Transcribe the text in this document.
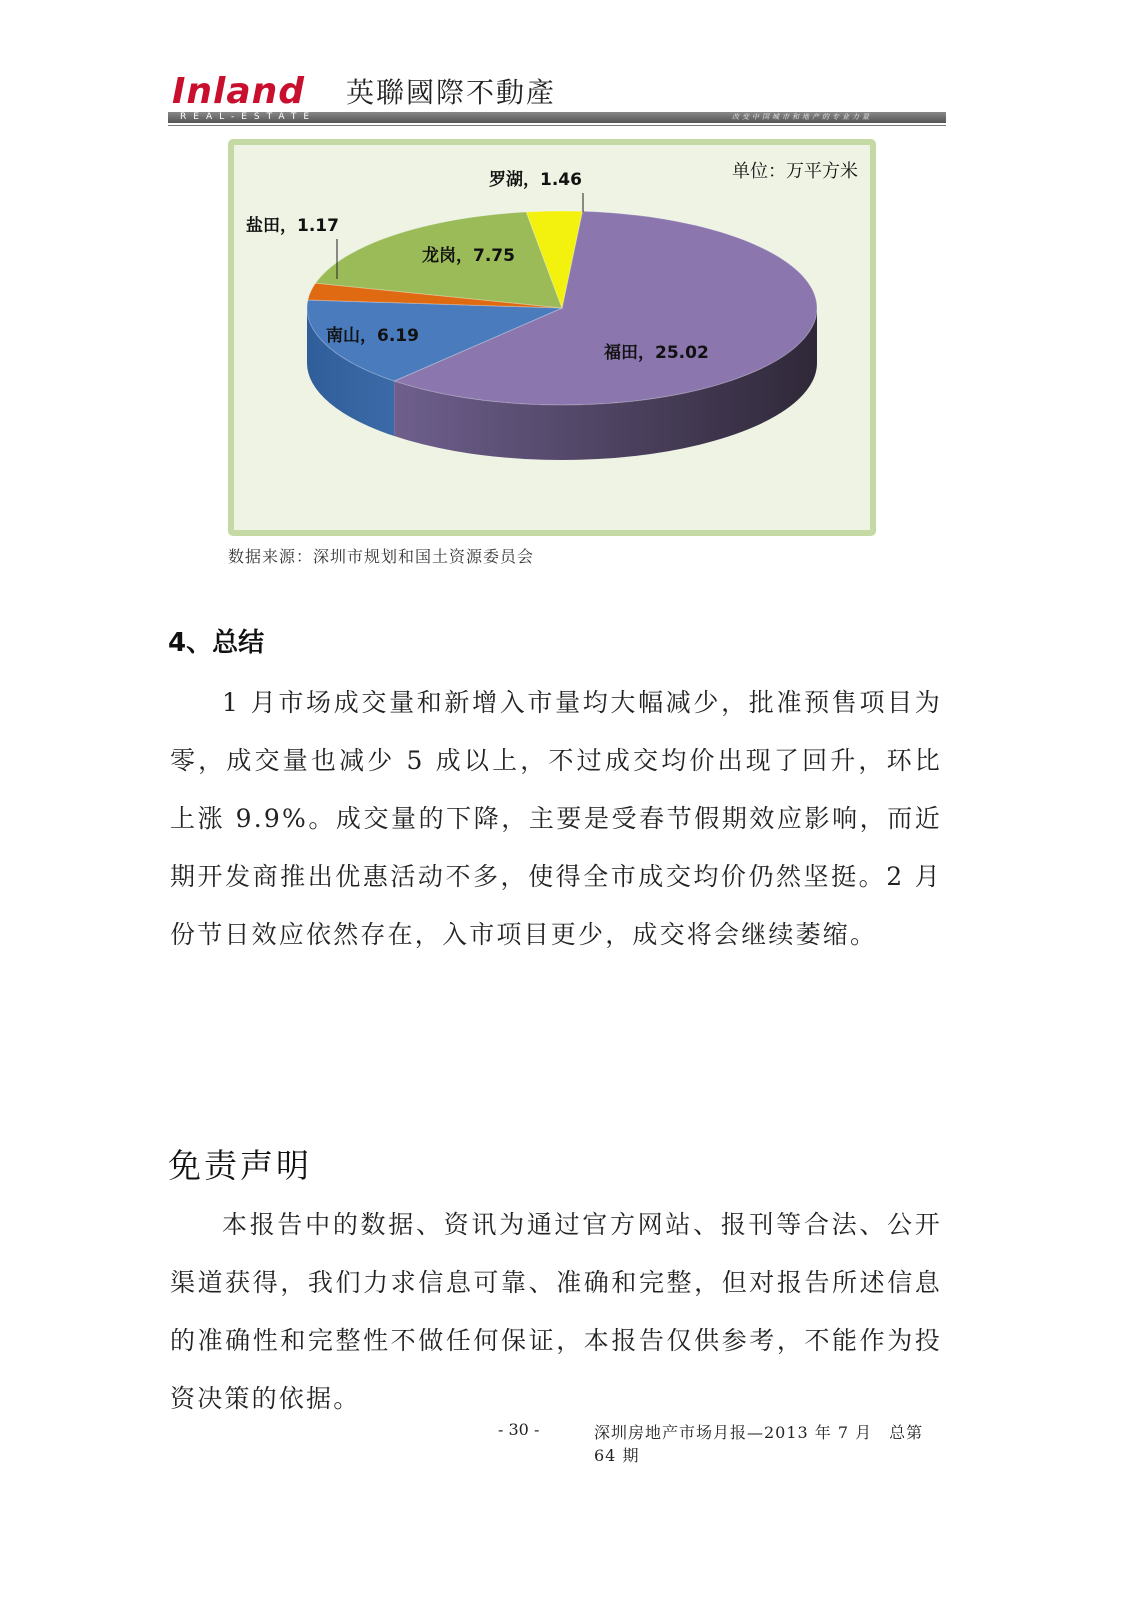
Inland 英聯國際不動產
REAL-ESTATE	改变中国城市和地产的专业力量
福田，25.02
南山，6.19
盐田，1.17
龙岗，7.75
罗湖，1.46	单位：万平方米
数据来源：深圳市规划和国土资源委员会
4、总结

1 月市场成交量和新增入市量均大幅减少，批准预售项目为零，成交量也减少 5 成以上，不过成交均价出现了回升，环比上涨 9.9%。成交量的下降，主要是受春节假期效应影响，而近期开发商推出优惠活动不多，使得全市成交均价仍然坚挺。2 月份节日效应依然存在，入市项目更少，成交将会继续萎缩。

免责声明

本报告中的数据、资讯为通过官方网站、报刊等合法、公开渠道获得，我们力求信息可靠、准确和完整，但对报告所述信息的准确性和完整性不做任何保证，本报告仅供参考，不能作为投资决策的依据。

- 30 -	深圳房地产市场月报—2013 年 7 月　总第 64 期
